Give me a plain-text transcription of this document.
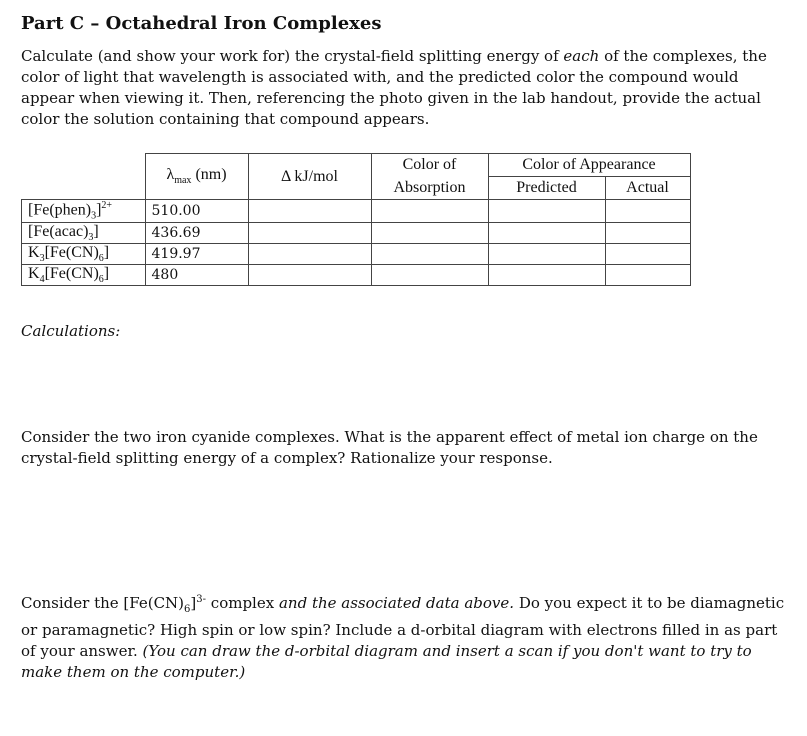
Part C – Octahedral Iron Complexes

Calculate (and show your work for) the crystal-field splitting energy of each of the complexes, the color of light that wavelength is associated with, and the predicted color the compound would appear when viewing it. Then, referencing the photo given in the lab handout, provide the actual color the solution containing that compound appears.

	$\lambda_{max}$ (nm)	Δ kJ/mol	Color of	Color of Appearance	
			Absorption	Predicted	Actual
$[Fe(phen)_3]^{2+}$	510.00				
$[Fe(acac)_3]$	436.69				
$K_3[Fe(CN)_6]$	419.97				
$K_4[Fe(CN)_6]$	480				
Calculations:

Consider the two iron cyanide complexes. What is the apparent effect of metal ion charge on the crystal-field splitting energy of a complex? Rationalize your response.

Consider the $[Fe(CN)_6]^{3-}$ complex and the associated data above. Do you expect it to be diamagnetic or paramagnetic? High spin or low spin? Include a d-orbital diagram with electrons filled in as part of your answer. (You can draw the d-orbital diagram and insert a scan if you don't want to try to make them on the computer.)
